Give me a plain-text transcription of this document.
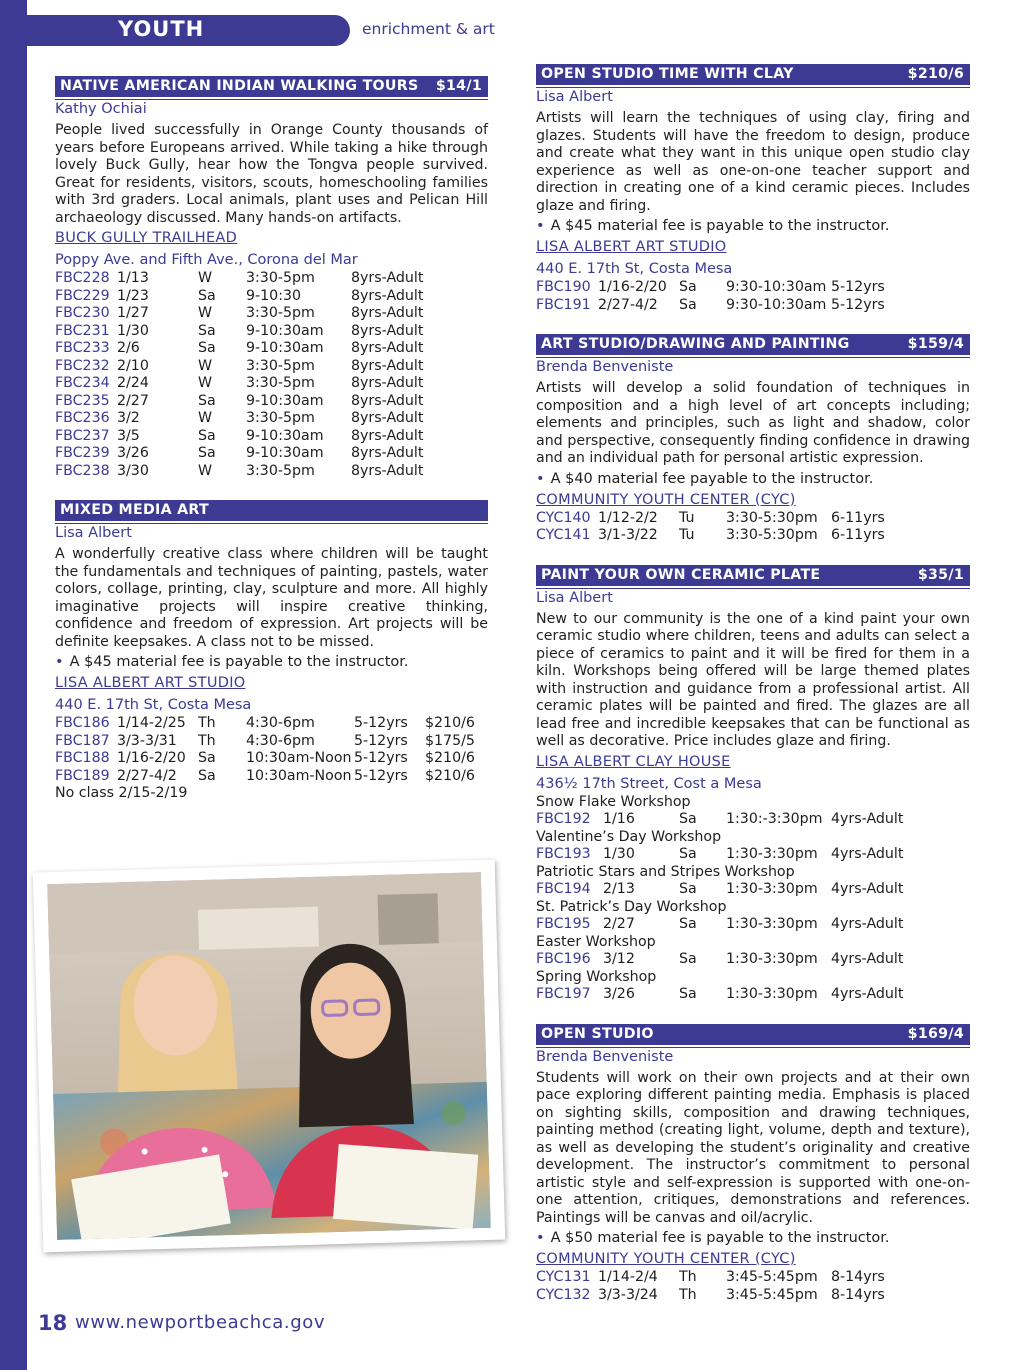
YOUTH	enrichment & art
NATIVE AMERICAN INDIAN WALKING TOURS $14/1
Kathy Ochiai
People lived successfully in Orange County thousands of years before Europeans arrived. While taking a hike through lovely Buck Gully, hear how the Tongva people survived. Great for residents, visitors, scouts, homeschooling families with 3rd graders. Local animals, plant uses and Pelican Hill archaeology discussed. Many hands-on artifacts.
BUCK GULLY TRAILHEAD
Poppy Ave. and Fifth Ave., Corona del Mar
FBC228 1/13	W 3:30-5pm	8yrs-Adult
FBC229 1/23	Sa 9-10:30	8yrs-Adult
FBC230 1/27	W 3:30-5pm	8yrs-Adult
FBC231 1/30	Sa 9-10:30am 8yrs-Adult
FBC233 2/6	Sa 9-10:30am 8yrs-Adult
FBC232 2/10	W 3:30-5pm	8yrs-Adult
FBC234 2/24	W 3:30-5pm	8yrs-Adult
FBC235 2/27	Sa 9-10:30am 8yrs-Adult
FBC236 3/2	W 3:30-5pm	8yrs-Adult
FBC237 3/5	Sa 9-10:30am 8yrs-Adult
FBC239 3/26	Sa 9-10:30am 8yrs-Adult
FBC238 3/30	W 3:30-5pm	8yrs-Adult
MIXED MEDIA ART
Lisa Albert
A wonderfully creative class where children will be taught the fundamentals and techniques of painting, pastels, water colors, collage, printing, clay, sculpture and more. All highly imaginative projects will inspire creative thinking, confidence and freedom of expression. Art projects will be definite keepsakes. A class not to be missed.
• A $45 material fee is payable to the instructor.
LISA ALBERT ART STUDIO
440 E. 17th St, Costa Mesa
FBC186 1/14-2/25 Th 4:30-6pm	5-12yrs $210/6
FBC187 3/3-3/31 Th 4:30-6pm	5-12yrs $175/5
FBC188 1/16-2/20 Sa 10:30am-Noon 5-12yrs $210/6
FBC189 2/27-4/2 Sa 10:30am-Noon 5-12yrs $210/6
No class 2/15-2/19
OPEN STUDIO TIME WITH CLAY	$210/6
Lisa Albert
Artists will learn the techniques of using clay, firing and glazes. Students will have the freedom to design, produce and create what they want in this unique open studio clay experience as well as one-on-one teacher support and direction in creating one of a kind ceramic pieces. Includes glaze and firing.
• A $45 material fee is payable to the instructor.
LISA ALBERT ART STUDIO
440 E. 17th St, Costa Mesa
FBC190 1/16-2/20 Sa 9:30-10:30am 5-12yrs
FBC191 2/27-4/2 Sa 9:30-10:30am 5-12yrs
ART STUDIO/DRAWING AND PAINTING	$159/4
Brenda Benveniste
Artists will develop a solid foundation of techniques in composition and a high level of art concepts including; elements and principles, such as light and shadow, color and perspective, consequently finding confidence in drawing and an individual path for personal artistic expression.
• A $40 material fee payable to the instructor.
COMMUNITY YOUTH CENTER (CYC)
CYC140 1/12-2/2 Tu 3:30-5:30pm 6-11yrs
CYC141 3/1-3/22 Tu 3:30-5:30pm 6-11yrs
PAINT YOUR OWN CERAMIC PLATE	$35/1
Lisa Albert
New to our community is the one of a kind paint your own ceramic studio where children, teens and adults can select a piece of ceramics to paint and it will be fired for them in a kiln. Workshops being offered will be large themed plates with instruction and guidance from a professional artist. All ceramic plates will be painted and fired. The glazes are all lead free and incredible keepsakes that can be functional as well as decorative. Price includes glaze and firing.
LISA ALBERT CLAY HOUSE
436½ 17th Street, Cost a Mesa
Snow Flake Workshop
FBC192 1/16	Sa 1:30:-3:30pm 4yrs-Adult
Valentine’s Day Workshop
FBC193 1/30	Sa 1:30-3:30pm 4yrs-Adult
Patriotic Stars and Stripes Workshop
FBC194 2/13	Sa 1:30-3:30pm 4yrs-Adult
St. Patrick’s Day Workshop
FBC195 2/27	Sa 1:30-3:30pm 4yrs-Adult
Easter Workshop
FBC196 3/12	Sa 1:30-3:30pm 4yrs-Adult
Spring Workshop
FBC197 3/26	Sa 1:30-3:30pm 4yrs-Adult
OPEN STUDIO	$169/4
Brenda Benveniste
Students will work on their own projects and at their own pace exploring different painting media. Emphasis is placed on sighting skills, composition and drawing techniques, painting method (creating light, volume, depth and texture), as well as developing the student’s originality and creative development. The instructor’s commitment to personal artistic style and self-expression is supported with one-on-one attention, critiques, demonstrations and references. Paintings will be canvas and oil/acrylic.
• A $50 material fee is payable to the instructor.
COMMUNITY YOUTH CENTER (CYC)
CYC131 1/14-2/4 Th 3:45-5:45pm 8-14yrs
CYC132 3/3-3/24 Th 3:45-5:45pm 8-14yrs
18 www.newportbeachca.gov
